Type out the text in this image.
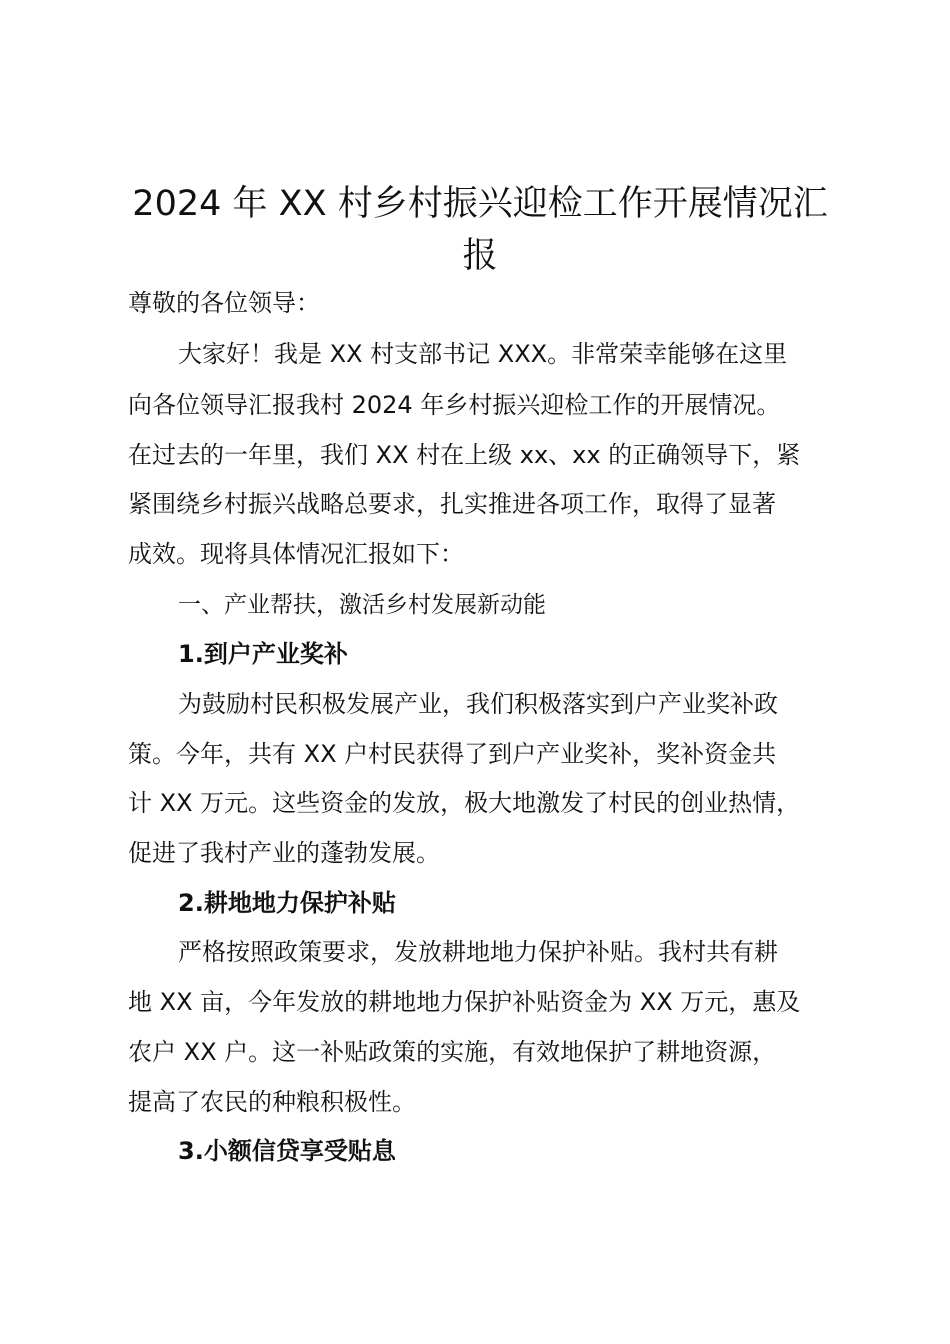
2024 年 XX 村乡村振兴迎检工作开展情况汇报

尊敬的各位领导：

大家好！我是 XX 村支部书记 XXX。非常荣幸能够在这里

向各位领导汇报我村 2024 年乡村振兴迎检工作的开展情况。

在过去的一年里，我们 XX 村在上级 xx、xx 的正确领导下，紧

紧围绕乡村振兴战略总要求，扎实推进各项工作，取得了显著

成效。现将具体情况汇报如下：

一、产业帮扶，激活乡村发展新动能

1.到户产业奖补

为鼓励村民积极发展产业，我们积极落实到户产业奖补政

策。今年，共有 XX 户村民获得了到户产业奖补，奖补资金共

计 XX 万元。这些资金的发放，极大地激发了村民的创业热情，

促进了我村产业的蓬勃发展。

2.耕地地力保护补贴

严格按照政策要求，发放耕地地力保护补贴。我村共有耕

地 XX 亩，今年发放的耕地地力保护补贴资金为 XX 万元，惠及

农户 XX 户。这一补贴政策的实施，有效地保护了耕地资源，

提高了农民的种粮积极性。

3.小额信贷享受贴息
